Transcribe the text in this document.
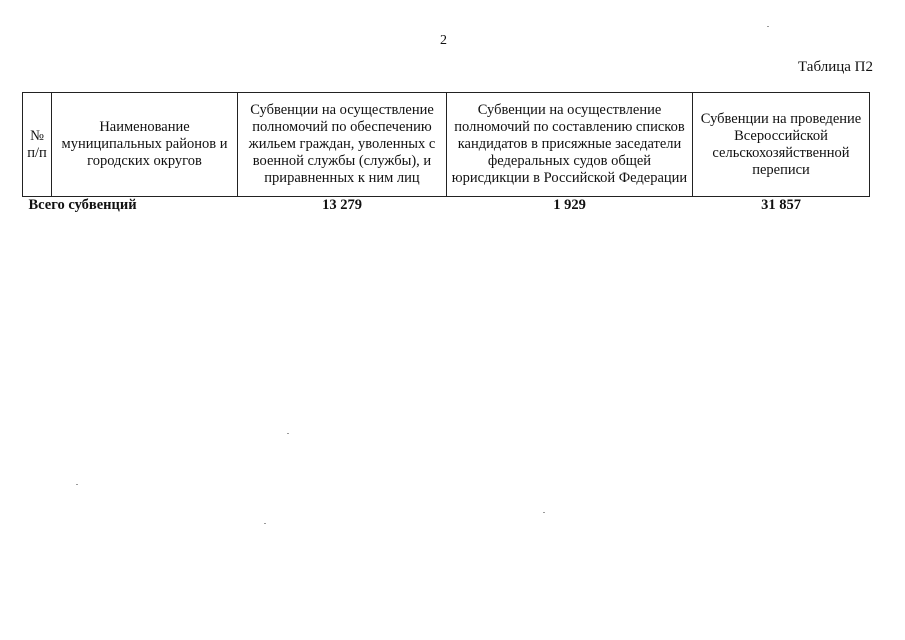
2
Таблица П2
№ п/п	Наименование муниципальных районов и городских округов	Субвенции на осуществление полномочий по обеспечению жильем граждан, уволенных с военной службы (службы), и приравненных к ним лиц	Субвенции на осуществление полномочий по составлению списков кандидатов в присяжные заседатели федеральных судов общей юрисдикции в Российской Федерации	Субвенции на проведение Всероссийской сельскохозяйственной переписи
Всего субвенций		13 279	1 929	31 857
